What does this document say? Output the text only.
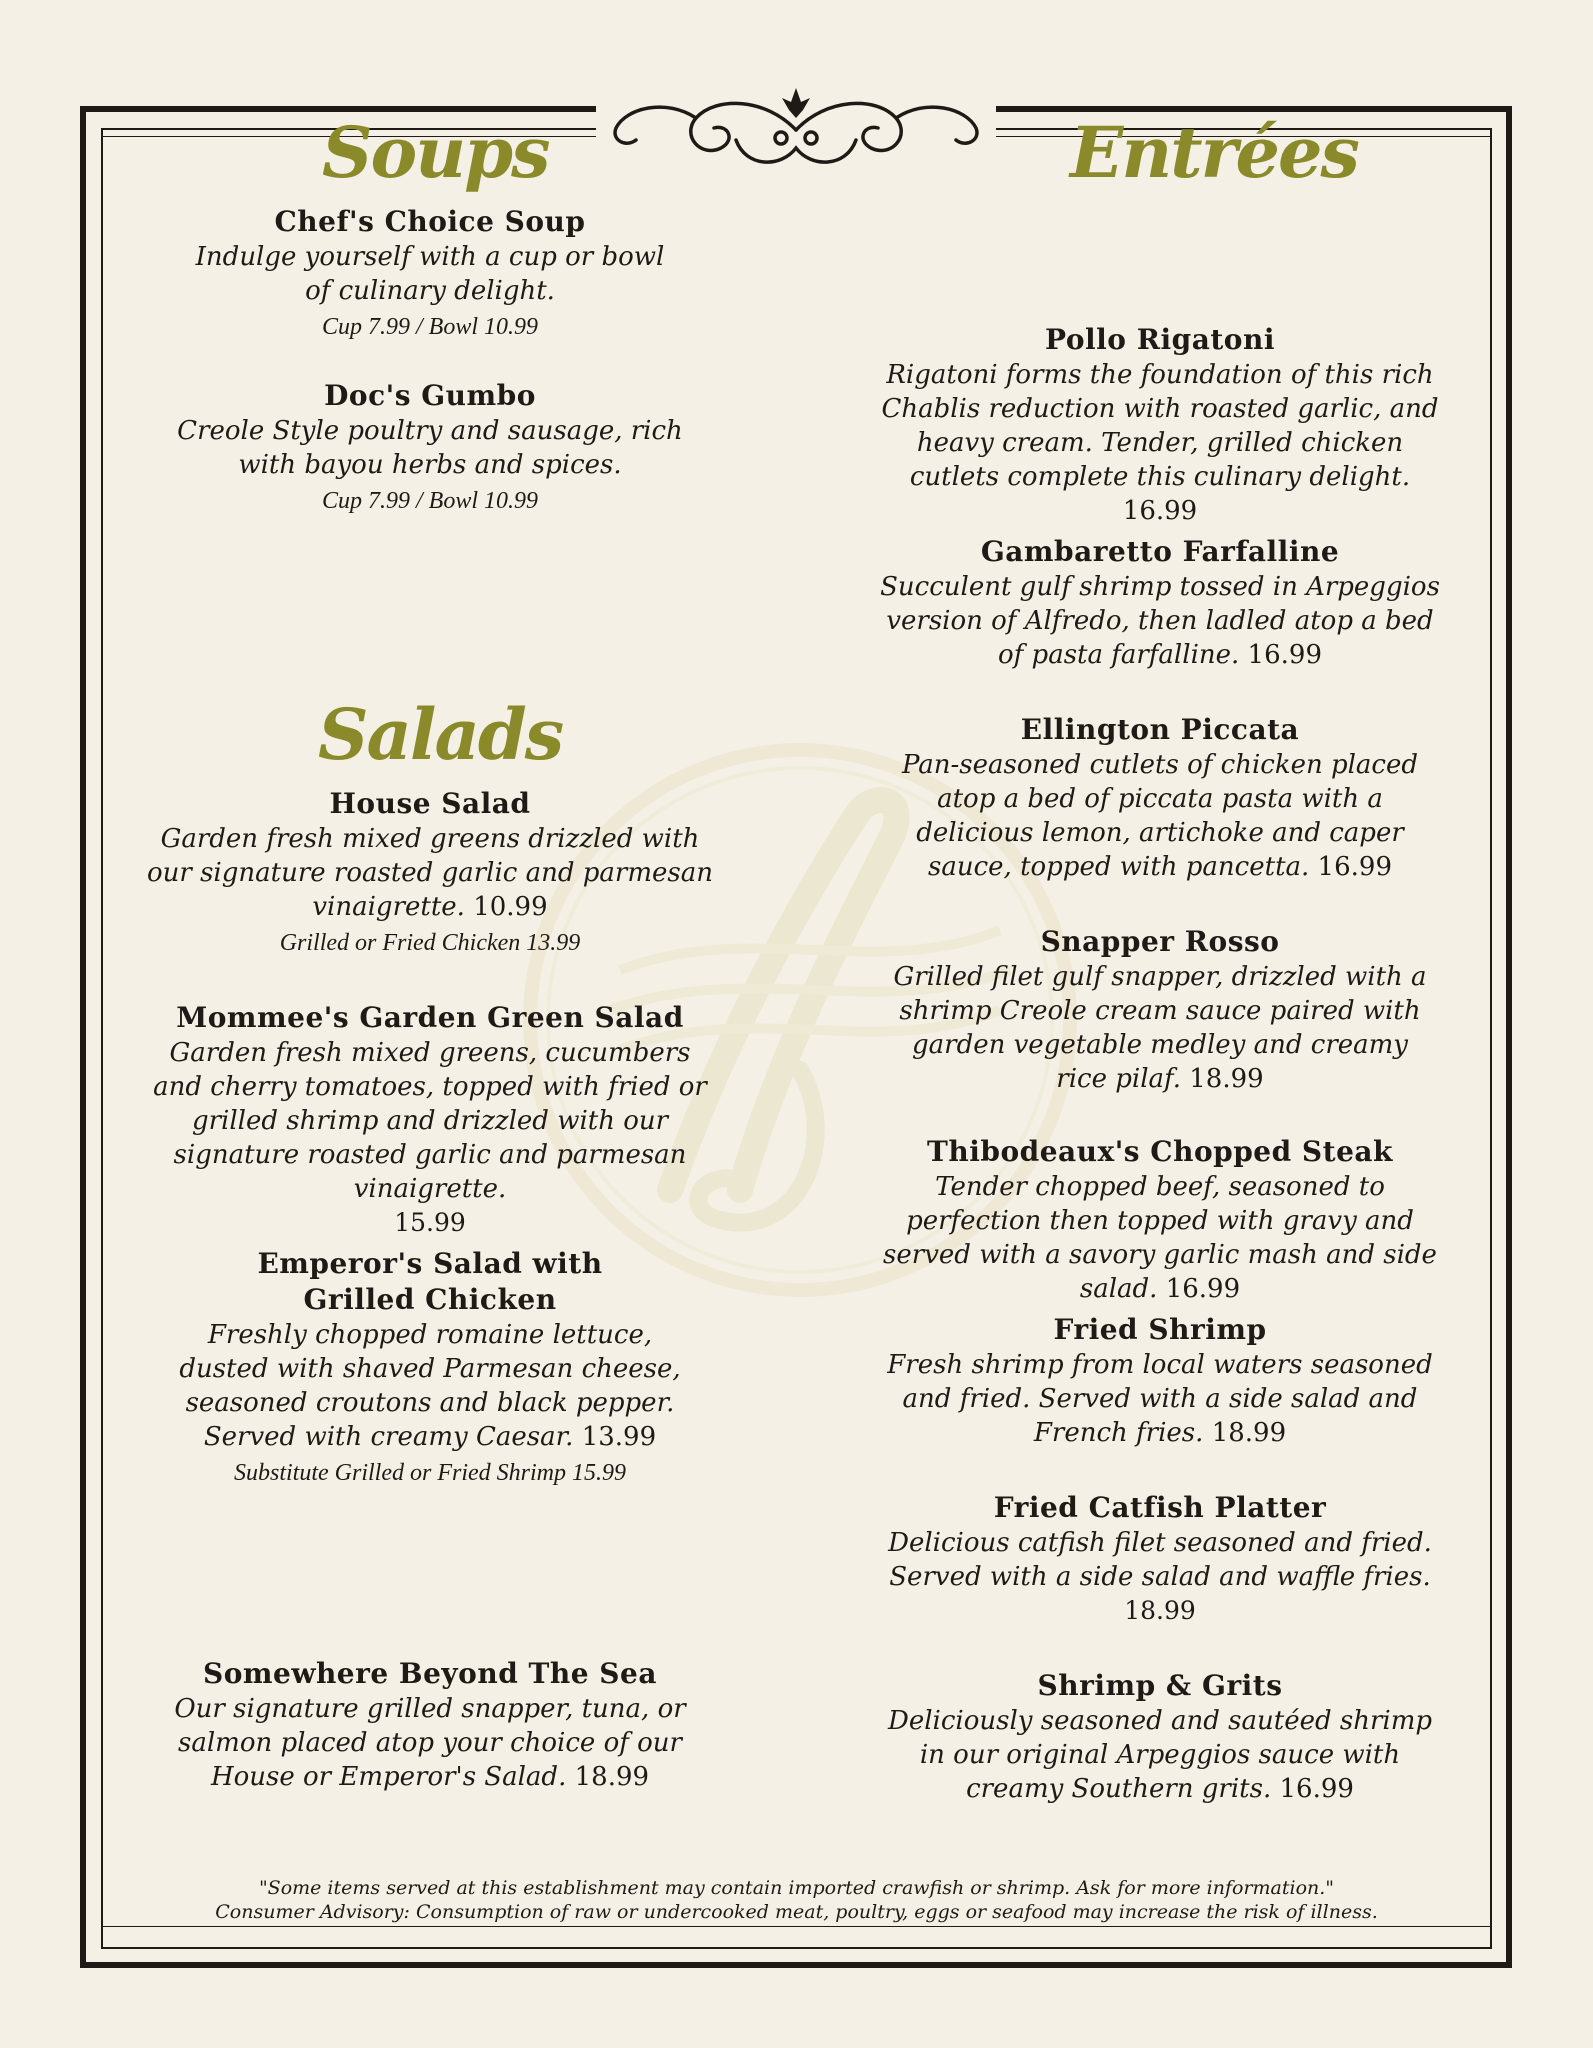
Soups

Chef's Choice Soup

Indulge yourself with a cup or bowl of culinary delight.

Cup 7.99 / Bowl 10.99

Doc's Gumbo

Creole Style poultry and sausage, rich with bayou herbs and spices.

Cup 7.99 / Bowl 10.99

Salads

House Salad

Garden fresh mixed greens drizzled with our signature roasted garlic and parmesan vinaigrette. 10.99

Grilled or Fried Chicken 13.99

Mommee's Garden Green Salad

Garden fresh mixed greens, cucumbers and cherry tomatoes, topped with fried or grilled shrimp and drizzled with our signature roasted garlic and parmesan vinaigrette.

15.99

Emperor's Salad with Grilled Chicken

Freshly chopped romaine lettuce, dusted with shaved Parmesan cheese, seasoned croutons and black pepper. Served with creamy Caesar. 13.99

Substitute Grilled or Fried Shrimp 15.99

Somewhere Beyond The Sea

Our signature grilled snapper, tuna, or salmon placed atop your choice of our House or Emperor's Salad. 18.99

Entrées

Pollo Rigatoni

Rigatoni forms the foundation of this rich Chablis reduction with roasted garlic, and heavy cream. Tender, grilled chicken cutlets complete this culinary delight. 16.99

Gambaretto Farfalline

Succulent gulf shrimp tossed in Arpeggios version of Alfredo, then ladled atop a bed of pasta farfalline. 16.99

Ellington Piccata

Pan-seasoned cutlets of chicken placed atop a bed of piccata pasta with a delicious lemon, artichoke and caper sauce, topped with pancetta. 16.99

Snapper Rosso

Grilled filet gulf snapper, drizzled with a shrimp Creole cream sauce paired with garden vegetable medley and creamy rice pilaf. 18.99

Thibodeaux's Chopped Steak

Tender chopped beef, seasoned to perfection then topped with gravy and served with a savory garlic mash and side salad. 16.99

Fried Shrimp

Fresh shrimp from local waters seasoned and fried. Served with a side salad and French fries. 18.99

Fried Catfish Platter

Delicious catfish filet seasoned and fried. Served with a side salad and waffle fries.

18.99

Shrimp & Grits

Deliciously seasoned and sautéed shrimp in our original Arpeggios sauce with creamy Southern grits. 16.99

"Some items served at this establishment may contain imported crawfish or shrimp. Ask for more information."
Consumer Advisory: Consumption of raw or undercooked meat, poultry, eggs or seafood may increase the risk of illness.
